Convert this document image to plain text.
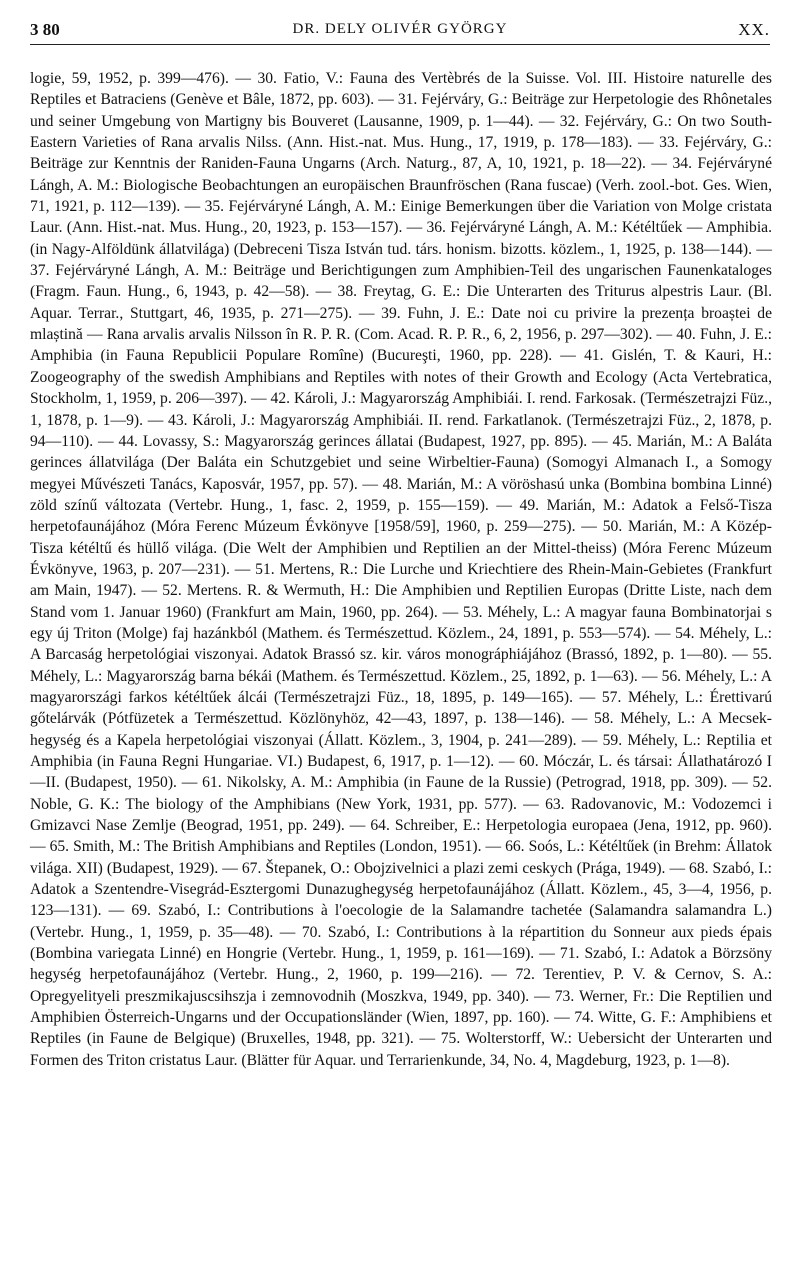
3 80	DR. DELY OLIVÉR GYÖRGY	XX.

logie, 59, 1952, p. 399—476). — 30. Fatio, V.: Fauna des Vertèbrés de la Suisse. Vol. III. Histoire naturelle des Reptiles et Batraciens (Genève et Bâle, 1872, pp. 603). — 31. Fejérváry, G.: Beiträge zur Herpetologie des Rhônetales und seiner Umgebung von Martigny bis Bouveret (Lausanne, 1909, p. 1—44). — 32. Fejérváry, G.: On two South-Eastern Varieties of Rana arvalis Nilss. (Ann. Hist.-nat. Mus. Hung., 17, 1919, p. 178—183). — 33. Fejérváry, G.: Beiträge zur Kenntnis der Raniden-Fauna Ungarns (Arch. Naturg., 87, A, 10, 1921, p. 18—22). — 34. Fejérváryné Lángh, A. M.: Biologische Beobachtungen an europäischen Braunfröschen (Rana fuscae) (Verh. zool.-bot. Ges. Wien, 71, 1921, p. 112—139). — 35. Fejérváryné Lángh, A. M.: Einige Bemerkungen über die Variation von Molge cristata Laur. (Ann. Hist.-nat. Mus. Hung., 20, 1923, p. 153—157). — 36. Fejérváryné Lángh, A. M.: Kétéltűek — Amphibia. (in Nagy-Alföldünk állatvilága) (Debreceni Tisza István tud. társ. honism. bizotts. közlem., 1, 1925, p. 138—144). — 37. Fejérváryné Lángh, A. M.: Beiträge und Berichtigungen zum Amphibien-Teil des ungarischen Faunenkataloges (Fragm. Faun. Hung., 6, 1943, p. 42—58). — 38. Freytag, G. E.: Die Unterarten des Triturus alpestris Laur. (Bl. Aquar. Terrar., Stuttgart, 46, 1935, p. 271—275). — 39. Fuhn, J. E.: Date noi cu privire la prezența broaștei de mlaștină — Rana arvalis arvalis Nilsson în R. P. R. (Com. Acad. R. P. R., 6, 2, 1956, p. 297—302). — 40. Fuhn, J. E.: Amphibia (in Fauna Republicii Populare Romîne) (Bucureşti, 1960, pp. 228). — 41. Gislén, T. & Kauri, H.: Zoogeography of the swedish Amphibians and Reptiles with notes of their Growth and Ecology (Acta Vertebratica, Stockholm, 1, 1959, p. 206—397). — 42. Károli, J.: Magyarország Amphibiái. I. rend. Farkosak. (Természetrajzi Füz., 1, 1878, p. 1—9). — 43. Károli, J.: Magyarország Amphibiái. II. rend. Farkatlanok. (Természetrajzi Füz., 2, 1878, p. 94—110). — 44. Lovassy, S.: Magyarország gerinces állatai (Budapest, 1927, pp. 895). — 45. Marián, M.: A Baláta gerinces állatvilága (Der Baláta ein Schutzgebiet und seine Wirbeltier-Fauna) (Somogyi Almanach I., a Somogy megyei Művészeti Tanács, Kaposvár, 1957, pp. 57). — 48. Marián, M.: A vöröshasú unka (Bombina bombina Linné) zöld színű változata (Vertebr. Hung., 1, fasc. 2, 1959, p. 155—159). — 49. Marián, M.: Adatok a Felső-Tisza herpetofaunájához (Móra Ferenc Múzeum Évkönyve [1958/59], 1960, p. 259—275). — 50. Marián, M.: A Közép-Tisza kétéltű és hüllő világa. (Die Welt der Amphibien und Reptilien an der Mittel-theiss) (Móra Ferenc Múzeum Évkönyve, 1963, p. 207—231). — 51. Mertens, R.: Die Lurche und Kriechtiere des Rhein-Main-Gebietes (Frankfurt am Main, 1947). — 52. Mertens. R. & Wermuth, H.: Die Amphibien und Reptilien Europas (Dritte Liste, nach dem Stand vom 1. Januar 1960) (Frankfurt am Main, 1960, pp. 264). — 53. Méhely, L.: A magyar fauna Bombinatorjai s egy új Triton (Molge) faj hazánkból (Mathem. és Természettud. Közlem., 24, 1891, p. 553—574). — 54. Méhely, L.: A Barcaság herpetológiai viszonyai. Adatok Brassó sz. kir. város monográphiájához (Brassó, 1892, p. 1—80). — 55. Méhely, L.: Magyarország barna békái (Mathem. és Természettud. Közlem., 25, 1892, p. 1—63). — 56. Méhely, L.: A magyarországi farkos kétéltűek álcái (Természetrajzi Füz., 18, 1895, p. 149—165). — 57. Méhely, L.: Érettivarú gőtelárvák (Pótfüzetek a Természettud. Közlönyhöz, 42—43, 1897, p. 138—146). — 58. Méhely, L.: A Mecsek-hegység és a Kapela herpetológiai viszonyai (Állatt. Közlem., 3, 1904, p. 241—289). — 59. Méhely, L.: Reptilia et Amphibia (in Fauna Regni Hungariae. VI.) Budapest, 6, 1917, p. 1—12). — 60. Móczár, L. és társai: Állathatározó I—II. (Budapest, 1950). — 61. Nikolsky, A. M.: Amphibia (in Faune de la Russie) (Petrograd, 1918, pp. 309). — 52. Noble, G. K.: The biology of the Amphibians (New York, 1931, pp. 577). — 63. Radovanovic, M.: Vodozemci i Gmizavci Nase Zemlje (Beograd, 1951, pp. 249). — 64. Schreiber, E.: Herpetologia europaea (Jena, 1912, pp. 960). — 65. Smith, M.: The British Amphibians and Reptiles (London, 1951). — 66. Soós, L.: Kétéltűek (in Brehm: Állatok világa. XII) (Budapest, 1929). — 67. Štepanek, O.: Obojzivelnici a plazi zemi ceskych (Prága, 1949). — 68. Szabó, I.: Adatok a Szentendre-Visegrád-Esztergomi Dunazughegység herpetofaunájához (Állatt. Közlem., 45, 3—4, 1956, p. 123—131). — 69. Szabó, I.: Contributions à l'oecologie de la Salamandre tachetée (Salamandra salamandra L.) (Vertebr. Hung., 1, 1959, p. 35—48). — 70. Szabó, I.: Contributions à la répartition du Sonneur aux pieds épais (Bombina variegata Linné) en Hongrie (Vertebr. Hung., 1, 1959, p. 161—169). — 71. Szabó, I.: Adatok a Börzsöny hegység herpetofaunájához (Vertebr. Hung., 2, 1960, p. 199—216). — 72. Terentiev, P. V. & Cernov, S. A.: Opregyelityeli preszmikajuscsihszja i zemnovodnih (Moszkva, 1949, pp. 340). — 73. Werner, Fr.: Die Reptilien und Amphibien Österreich-Ungarns und der Occupationsländer (Wien, 1897, pp. 160). — 74. Witte, G. F.: Amphibiens et Reptiles (in Faune de Belgique) (Bruxelles, 1948, pp. 321). — 75. Wolterstorff, W.: Uebersicht der Unterarten und Formen des Triton cristatus Laur. (Blätter für Aquar. und Terrarienkunde, 34, No. 4, Magdeburg, 1923, p. 1—8).
